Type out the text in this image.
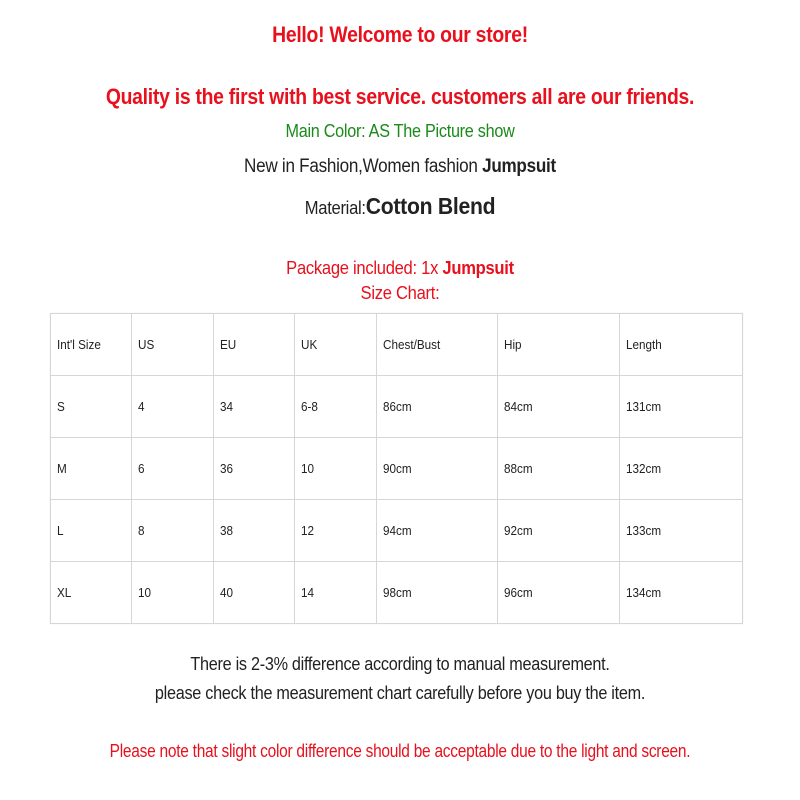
Hello! Welcome to our store!
Quality is the first with best service. customers all are our friends.
Main Color: AS The Picture show
New in Fashion,Women fashion Jumpsuit
Material:Cotton Blend
Package included: 1x Jumpsuit
Size Chart:
Int'l Size	US	EU	UK	Chest/Bust	Hip	Length
S	4	34	6-8	86cm	84cm	131cm
M	6	36	10	90cm	88cm	132cm
L	8	38	12	94cm	92cm	133cm
XL	10	40	14	98cm	96cm	134cm
There is 2-3% difference according to manual measurement.
please check the measurement chart carefully before you buy the item.
Please note that slight color difference should be acceptable due to the light and screen.
